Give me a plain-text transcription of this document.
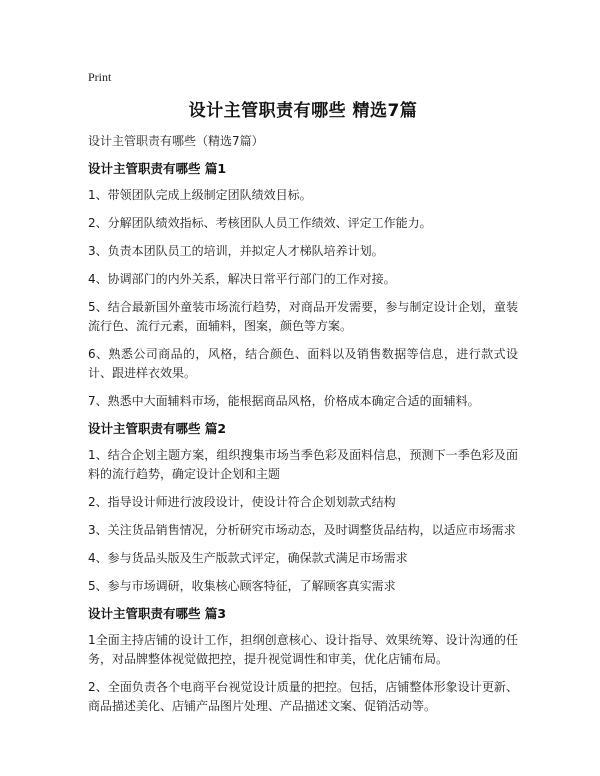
Print
设计主管职责有哪些 精选7篇
设计主管职责有哪些（精选7篇）
设计主管职责有哪些 篇1
1、带领团队完成上级制定团队绩效目标。
2、分解团队绩效指标、考核团队人员工作绩效、评定工作能力。
3、负责本团队员工的培训，并拟定人才梯队培养计划。
4、协调部门的内外关系，解决日常平行部门的工作对接。
5、结合最新国外童装市场流行趋势，对商品开发需要，参与制定设计企划，童装流行色、流行元素，面辅料，图案，颜色等方案。
6、熟悉公司商品的，风格，结合颜色、面料以及销售数据等信息，进行款式设计、跟进样衣效果。
7、熟悉中大面辅料市场，能根据商品风格，价格成本确定合适的面辅料。
设计主管职责有哪些 篇2
1、结合企划主题方案，组织搜集市场当季色彩及面料信息，预测下一季色彩及面料的流行趋势，确定设计企划和主题
2、指导设计师进行波段设计，使设计符合企划划款式结构
3、关注货品销售情况，分析研究市场动态，及时调整货品结构，以适应市场需求
4、参与货品头版及生产版款式评定，确保款式满足市场需求
5、参与市场调研，收集核心顾客特征，了解顾客真实需求
设计主管职责有哪些 篇3
1全面主持店铺的设计工作，担纲创意核心、设计指导、效果统筹、设计沟通的任务，对品牌整体视觉做把控，提升视觉调性和审美，优化店铺布局。
2、全面负责各个电商平台视觉设计质量的把控。包括，店铺整体形象设计更新、商品描述美化、店铺产品图片处理、产品描述文案、促销活动等。
